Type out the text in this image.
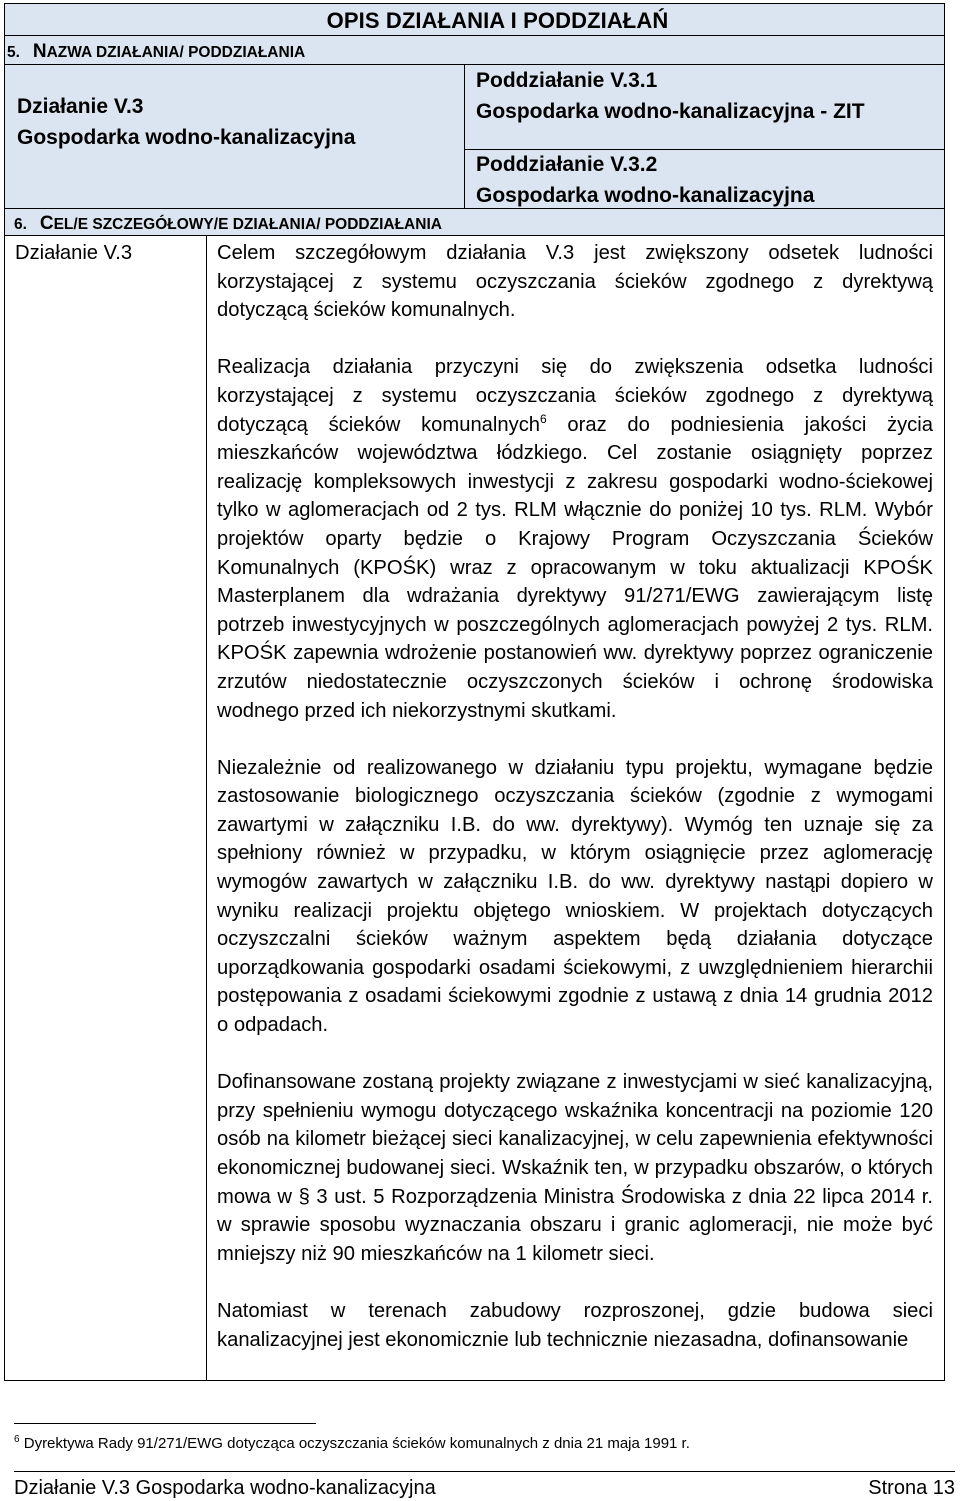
OPIS DZIAŁANIA I PODDZIAŁAŃ
5. NAZWA DZIAŁANIA/ PODDZIAŁANIA
Działanie V.3
Gospodarka wodno-kanalizacyjna
Poddziałanie V.3.1
Gospodarka wodno-kanalizacyjna - ZIT
Poddziałanie V.3.2
Gospodarka wodno-kanalizacyjna
6. CEL/E SZCZEGÓŁOWY/E DZIAŁANIA/ PODDZIAŁANIA
Działanie V.3	Celem szczegółowym działania V.3 jest zwiększony odsetek ludności korzystającej z systemu oczyszczania ścieków zgodnego z dyrektywą dotyczącą ścieków komunalnych.

Realizacja działania przyczyni się do zwiększenia odsetka ludności korzystającej z systemu oczyszczania ścieków zgodnego z dyrektywą dotyczącą ścieków komunalnych$^6$ oraz do podniesienia jakości życia mieszkańców województwa łódzkiego. Cel zostanie osiągnięty poprzez realizację kompleksowych inwestycji z zakresu gospodarki wodno-ściekowej tylko w aglomeracjach od 2 tys. RLM włącznie do poniżej 10 tys. RLM. Wybór projektów oparty będzie o Krajowy Program Oczyszczania Ścieków Komunalnych (KPOŚK) wraz z opracowanym w toku aktualizacji KPOŚK Masterplanem dla wdrażania dyrektywy 91/271/EWG zawierającym listę potrzeb inwestycyjnych w poszczególnych aglomeracjach powyżej 2 tys. RLM. KPOŚK zapewnia wdrożenie postanowień ww. dyrektywy poprzez ograniczenie zrzutów niedostatecznie oczyszczonych ścieków i ochronę środowiska wodnego przed ich niekorzystnymi skutkami.

Niezależnie od realizowanego w działaniu typu projektu, wymagane będzie zastosowanie biologicznego oczyszczania ścieków (zgodnie z wymogami zawartymi w załączniku I.B. do ww. dyrektywy). Wymóg ten uznaje się za spełniony również w przypadku, w którym osiągnięcie przez aglomerację wymogów zawartych w załączniku I.B. do ww. dyrektywy nastąpi dopiero w wyniku realizacji projektu objętego wnioskiem. W projektach dotyczących oczyszczalni ścieków ważnym aspektem będą działania dotyczące uporządkowania gospodarki osadami ściekowymi, z uwzględnieniem hierarchii postępowania z osadami ściekowymi zgodnie z ustawą z dnia 14 grudnia 2012 o odpadach.

Dofinansowane zostaną projekty związane z inwestycjami w sieć kanalizacyjną, przy spełnieniu wymogu dotyczącego wskaźnika koncentracji na poziomie 120 osób na kilometr bieżącej sieci kanalizacyjnej, w celu zapewnienia efektywności ekonomicznej budowanej sieci. Wskaźnik ten, w przypadku obszarów, o których mowa w § 3 ust. 5 Rozporządzenia Ministra Środowiska z dnia 22 lipca 2014 r. w sprawie sposobu wyznaczania obszaru i granic aglomeracji, nie może być mniejszy niż 90 mieszkańców na 1 kilometr sieci.

Natomiast w terenach zabudowy rozproszonej, gdzie budowa sieci kanalizacyjnej jest ekonomicznie lub technicznie niezasadna, dofinansowanie

$^6$ Dyrektywa Rady 91/271/EWG dotycząca oczyszczania ścieków komunalnych z dnia 21 maja 1991 r.
Działanie V.3 Gospodarka wodno-kanalizacyjna	Strona 13
